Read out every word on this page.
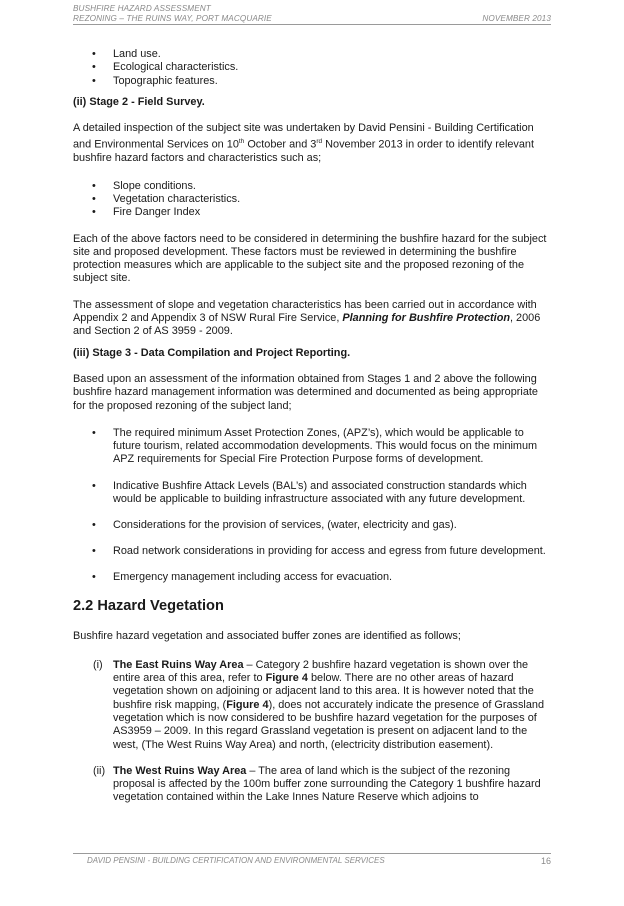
BUSHFIRE HAZARD ASSESSMENT
REZONING – THE RUINS WAY, PORT MACQUARIE	NOVEMBER 2013
• Land use.
• Ecological characteristics.
• Topographic features.

(ii) Stage 2 - Field Survey.

A detailed inspection of the subject site was undertaken by David Pensini - Building Certification and Environmental Services on 10th October and 3rd November 2013 in order to identify relevant bushfire hazard factors and characteristics such as;

• Slope conditions.
• Vegetation characteristics.
• Fire Danger Index

Each of the above factors need to be considered in determining the bushfire hazard for the subject site and proposed development. These factors must be reviewed in determining the bushfire protection measures which are applicable to the subject site and the proposed rezoning of the subject site.

The assessment of slope and vegetation characteristics has been carried out in accordance with Appendix 2 and Appendix 3 of NSW Rural Fire Service, Planning for Bushfire Protection, 2006 and Section 2 of AS 3959 - 2009.

(iii) Stage 3 - Data Compilation and Project Reporting.

Based upon an assessment of the information obtained from Stages 1 and 2 above the following bushfire hazard management information was determined and documented as being appropriate for the proposed rezoning of the subject land;

• The required minimum Asset Protection Zones, (APZ’s), which would be applicable to future tourism, related accommodation developments. This would focus on the minimum APZ requirements for Special Fire Protection Purpose forms of development.
• Indicative Bushfire Attack Levels (BAL’s) and associated construction standards which would be applicable to building infrastructure associated with any future development.
• Considerations for the provision of services, (water, electricity and gas).
• Road network considerations in providing for access and egress from future development.
• Emergency management including access for evacuation.

2.2 Hazard Vegetation

Bushfire hazard vegetation and associated buffer zones are identified as follows;

(i) The East Ruins Way Area – Category 2 bushfire hazard vegetation is shown over the entire area of this area, refer to Figure 4 below. There are no other areas of hazard vegetation shown on adjoining or adjacent land to this area. It is however noted that the bushfire risk mapping, (Figure 4), does not accurately indicate the presence of Grassland vegetation which is now considered to be bushfire hazard vegetation for the purposes of AS3959 – 2009. In this regard Grassland vegetation is present on adjacent land to the west, (The West Ruins Way Area) and north, (electricity distribution easement).
(ii) The West Ruins Way Area – The area of land which is the subject of the rezoning proposal is affected by the 100m buffer zone surrounding the Category 1 bushfire hazard vegetation contained within the Lake Innes Nature Reserve which adjoins to
DAVID PENSINI - BUILDING CERTIFICATION AND ENVIRONMENTAL SERVICES	16
